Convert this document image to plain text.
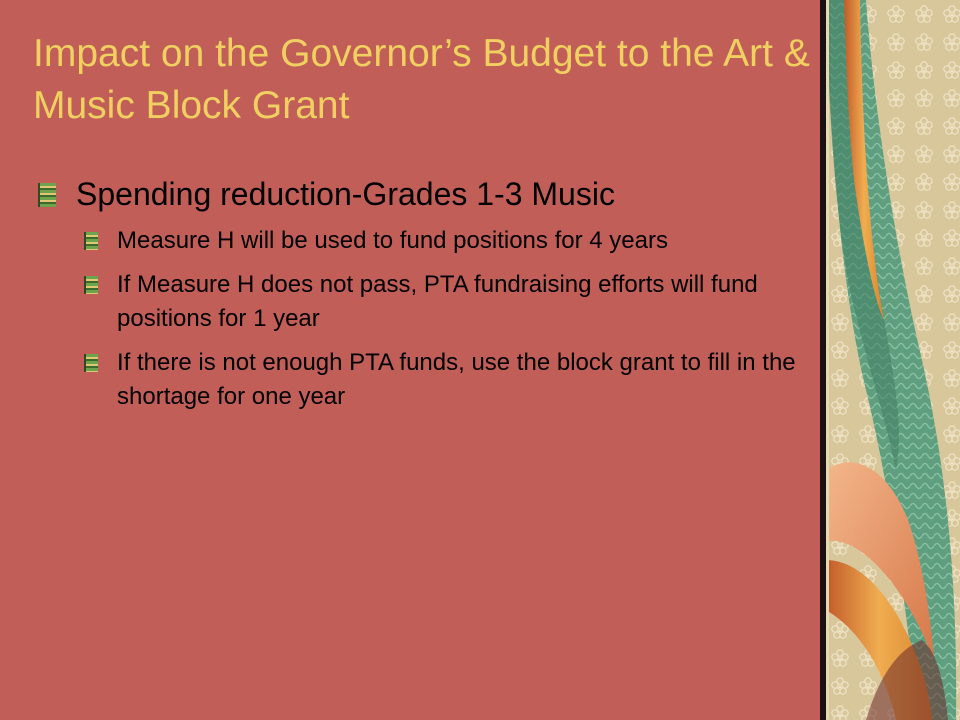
Impact on the Governor’s Budget to the Art & Music Block Grant
Spending reduction-Grades 1-3 Music
Measure H will be used to fund positions for 4 years
If Measure H does not pass, PTA fundraising efforts will fund positions for 1 year
If there is not enough PTA funds, use the block grant to fill in the shortage for one year
